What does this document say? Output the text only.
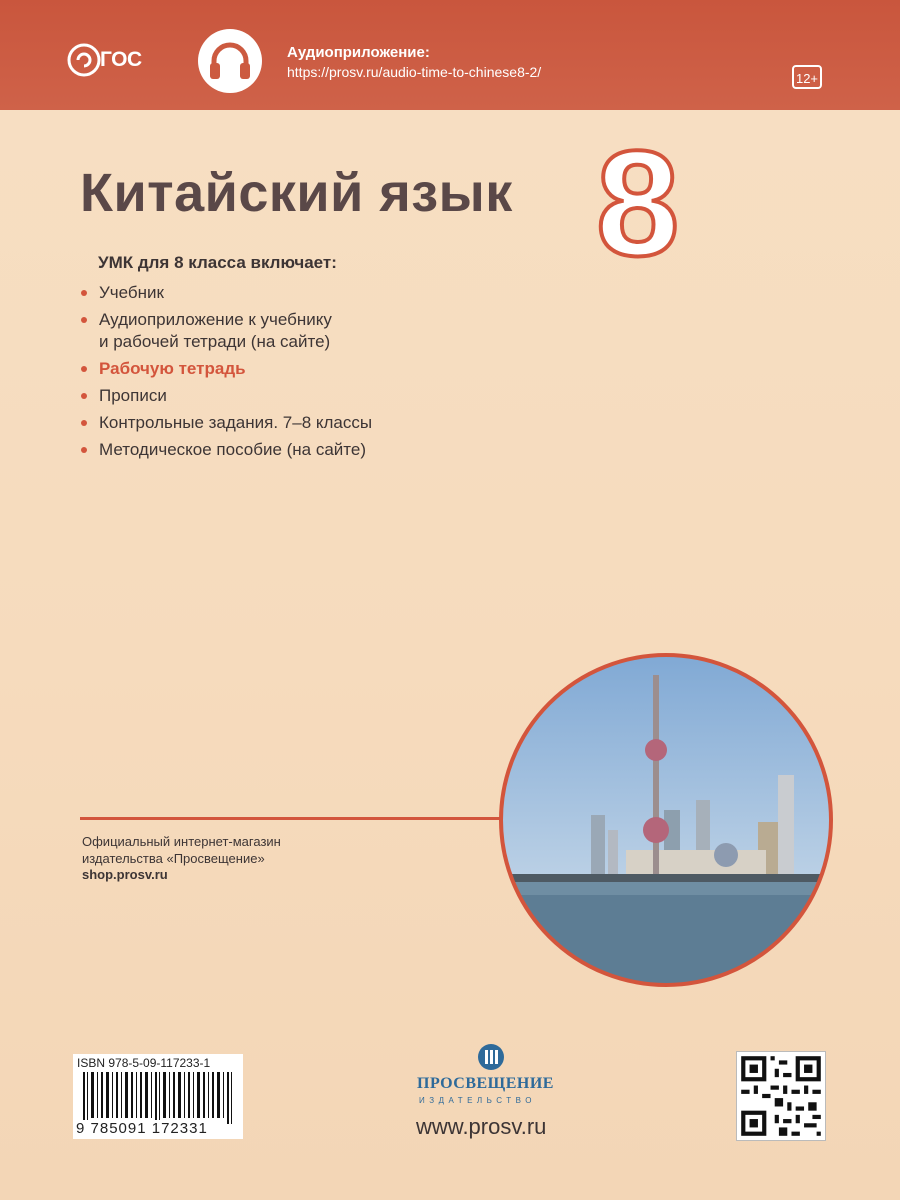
ГОС	Аудиоприложение:
https://prosv.ru/audio-time-to-chinese8-2/	12+
Китайский язык 8
УМК для 8 класса включает:
Учебник
Аудиоприложение к учебнику
и рабочей тетради (на сайте)
Рабочую тетрадь
Прописи
Контрольные задания. 7–8 классы
Методическое пособие (на сайте)
Официальный интернет-магазин
издательства «Просвещение»
shop.prosv.ru
ISBN 978-5-09-117233-1
9 785091 172331
ПРОСВЕЩЕНИЕ
ИЗДАТЕЛЬСТВО
www.prosv.ru
